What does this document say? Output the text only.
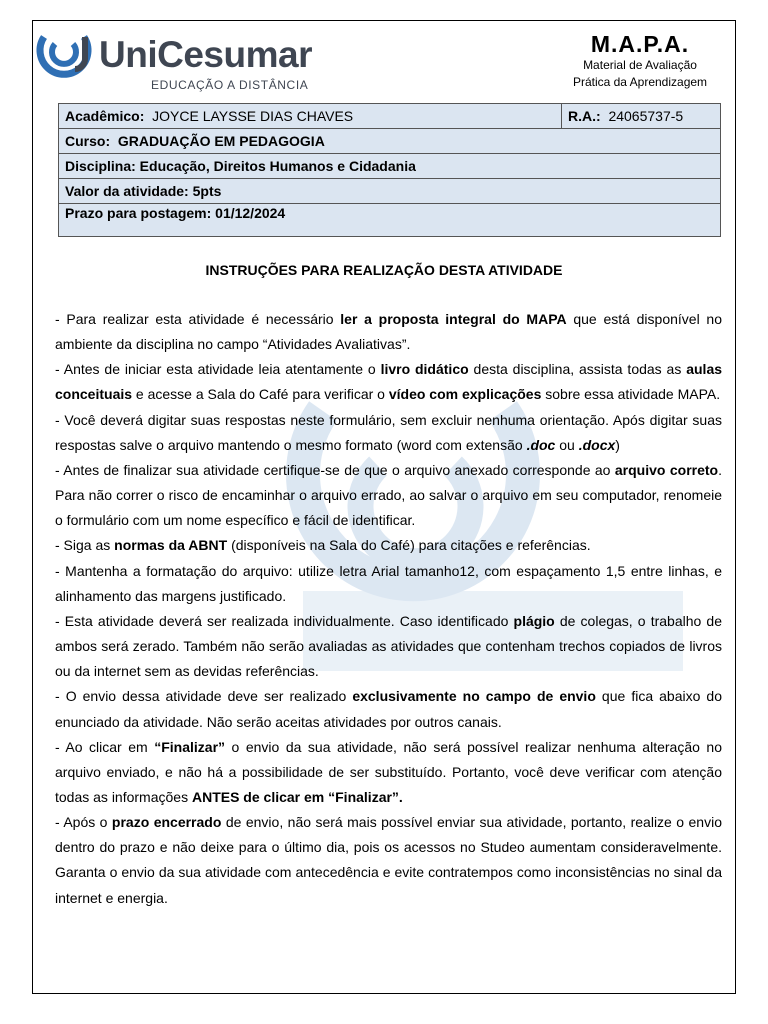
UniCesumar
EDUCAÇÃO A DISTÂNCIA
M.A.P.A.
Material de Avaliação
Prática da Aprendizagem
Acadêmico: JOYCE LAYSSE DIAS CHAVES	R.A.: 24065737-5
Curso: GRADUAÇÃO EM PEDAGOGIA
Disciplina: Educação, Direitos Humanos e Cidadania
Valor da atividade: 5pts
Prazo para postagem: 01/12/2024
INSTRUÇÕES PARA REALIZAÇÃO DESTA ATIVIDADE

- Para realizar esta atividade é necessário ler a proposta integral do MAPA que está disponível no ambiente da disciplina no campo “Atividades Avaliativas”.

- Antes de iniciar esta atividade leia atentamente o livro didático desta disciplina, assista todas as aulas conceituais e acesse a Sala do Café para verificar o vídeo com explicações sobre essa atividade MAPA.

- Você deverá digitar suas respostas neste formulário, sem excluir nenhuma orientação. Após digitar suas respostas salve o arquivo mantendo o mesmo formato (word com extensão .doc ou .docx)

- Antes de finalizar sua atividade certifique-se de que o arquivo anexado corresponde ao arquivo correto. Para não correr o risco de encaminhar o arquivo errado, ao salvar o arquivo em seu computador, renomeie o formulário com um nome específico e fácil de identificar.

- Siga as normas da ABNT (disponíveis na Sala do Café) para citações e referências.

- Mantenha a formatação do arquivo: utilize letra Arial tamanho12, com espaçamento 1,5 entre linhas, e alinhamento das margens justificado.

- Esta atividade deverá ser realizada individualmente. Caso identificado plágio de colegas, o trabalho de ambos será zerado. Também não serão avaliadas as atividades que contenham trechos copiados de livros ou da internet sem as devidas referências.

- O envio dessa atividade deve ser realizado exclusivamente no campo de envio que fica abaixo do enunciado da atividade. Não serão aceitas atividades por outros canais.

- Ao clicar em “Finalizar” o envio da sua atividade, não será possível realizar nenhuma alteração no arquivo enviado, e não há a possibilidade de ser substituído. Portanto, você deve verificar com atenção todas as informações ANTES de clicar em “Finalizar”.

- Após o prazo encerrado de envio, não será mais possível enviar sua atividade, portanto, realize o envio dentro do prazo e não deixe para o último dia, pois os acessos no Studeo aumentam consideravelmente. Garanta o envio da sua atividade com antecedência e evite contratempos como inconsistências no sinal da internet e energia.
